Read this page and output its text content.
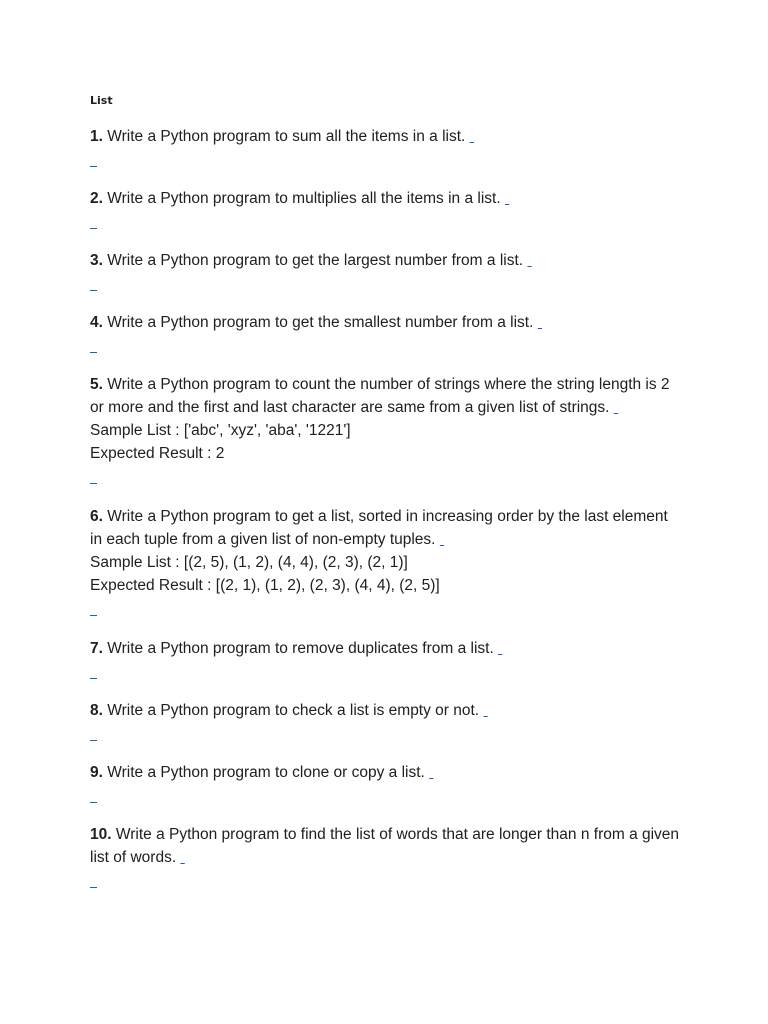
List
1. Write a Python program to sum all the items in a list.
2. Write a Python program to multiplies all the items in a list.
3. Write a Python program to get the largest number from a list.
4. Write a Python program to get the smallest number from a list.
5. Write a Python program to count the number of strings where the string length is 2 or more and the first and last character are same from a given list of strings.
Sample List : ['abc', 'xyz', 'aba', '1221']
Expected Result : 2
6. Write a Python program to get a list, sorted in increasing order by the last element in each tuple from a given list of non-empty tuples.
Sample List : [(2, 5), (1, 2), (4, 4), (2, 3), (2, 1)]
Expected Result : [(2, 1), (1, 2), (2, 3), (4, 4), (2, 5)]
7. Write a Python program to remove duplicates from a list.
8. Write a Python program to check a list is empty or not.
9. Write a Python program to clone or copy a list.
10. Write a Python program to find the list of words that are longer than n from a given list of words.
